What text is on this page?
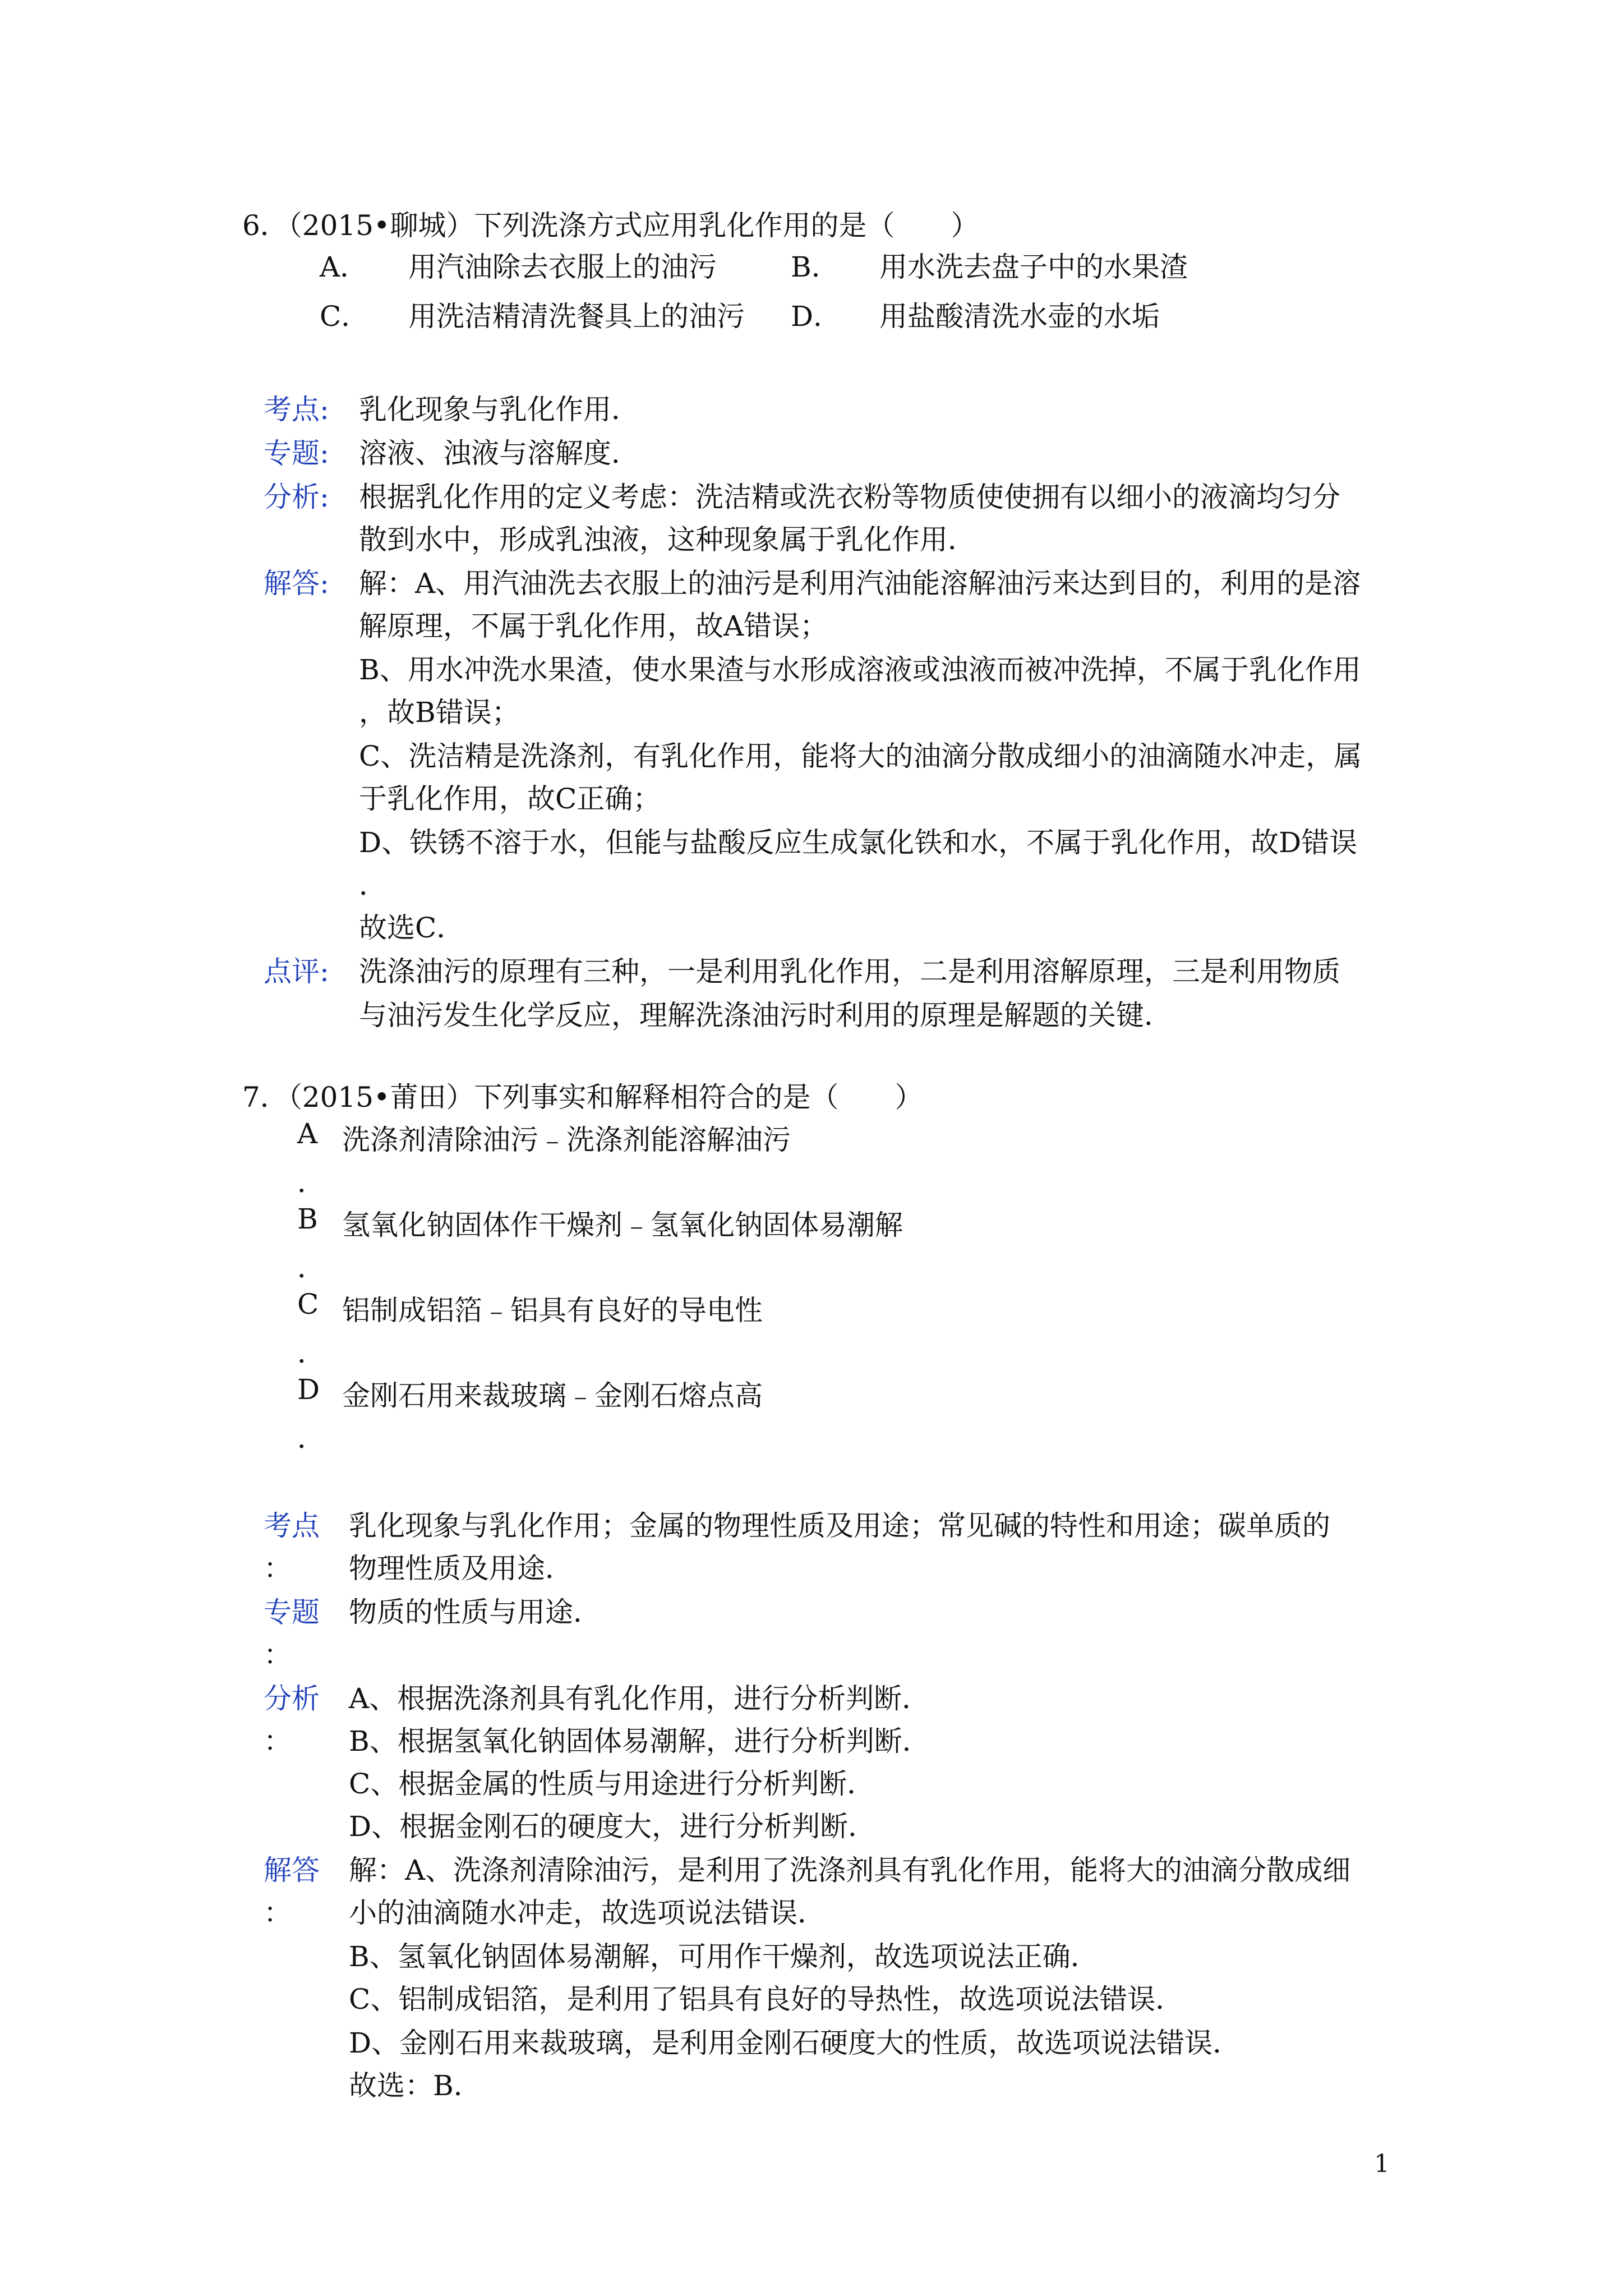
6．（2015•聊城）下列洗涤方式应用乳化作用的是（　　）
A． 用汽油除去衣服上的油污	B． 用水洗去盘子中的水果渣
C． 用洗洁精清洗餐具上的油污 D． 用盐酸清洗水壶的水垢
考点: 乳化现象与乳化作用．
专题: 溶液、浊液与溶解度．
分析: 根据乳化作用的定义考虑：洗洁精或洗衣粉等物质使使拥有以细小的液滴均匀分
散到水中，形成乳浊液，这种现象属于乳化作用．
解答: 解：A、用汽油洗去衣服上的油污是利用汽油能溶解油污来达到目的，利用的是溶
解原理，不属于乳化作用，故A错误；
B、用水冲洗水果渣，使水果渣与水形成溶液或浊液而被冲洗掉，不属于乳化作用
，故B错误；
C、洗洁精是洗涤剂，有乳化作用，能将大的油滴分散成细小的油滴随水冲走，属
于乳化作用，故C正确；
D、铁锈不溶于水，但能与盐酸反应生成氯化铁和水，不属于乳化作用，故D错误
．
故选C．
点评: 洗涤油污的原理有三种，一是利用乳化作用，二是利用溶解原理，三是利用物质
与油污发生化学反应，理解洗涤油污时利用的原理是解题的关键．
7．（2015•莆田）下列事实和解释相符合的是（　　）
A 洗涤剂清除油污﹣洗涤剂能溶解油污
．
B 氢氧化钠固体作干燥剂﹣氢氧化钠固体易潮解
．
C 铝制成铝箔﹣铝具有良好的导电性
．
D 金刚石用来裁玻璃﹣金刚石熔点高
．
考点
：
乳化现象与乳化作用；金属的物理性质及用途；常见碱的特性和用途；碳单质的
物理性质及用途．
专题
：
物质的性质与用途．
分析
：
A、根据洗涤剂具有乳化作用，进行分析判断．
B、根据氢氧化钠固体易潮解，进行分析判断．
C、根据金属的性质与用途进行分析判断．
D、根据金刚石的硬度大，进行分析判断．
解答
：
解：A、洗涤剂清除油污，是利用了洗涤剂具有乳化作用，能将大的油滴分散成细
小的油滴随水冲走，故选项说法错误．
B、氢氧化钠固体易潮解，可用作干燥剂，故选项说法正确．
C、铝制成铝箔，是利用了铝具有良好的导热性，故选项说法错误．
D、金刚石用来裁玻璃，是利用金刚石硬度大的性质，故选项说法错误．
故选：B．
1
